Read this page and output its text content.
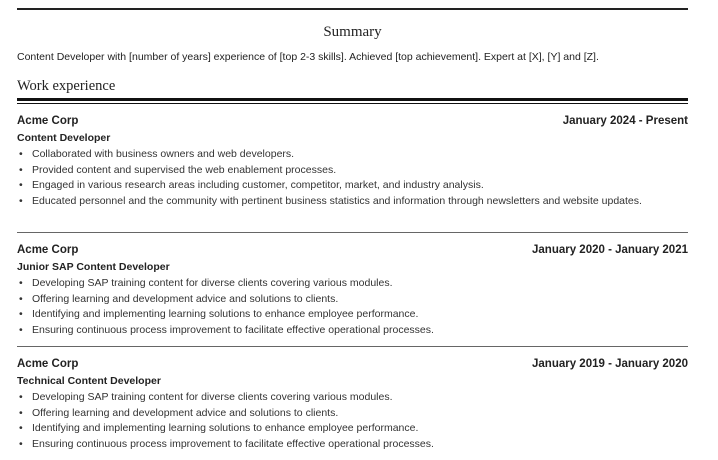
Summary
Content Developer with [number of years] experience of [top 2-3 skills]. Achieved [top achievement]. Expert at [X], [Y] and [Z].
Work experience
Acme Corp	January 2024 - Present
Content Developer
• Collaborated with business owners and web developers.
• Provided content and supervised the web enablement processes.
• Engaged in various research areas including customer, competitor, market, and industry analysis.
• Educated personnel and the community with pertinent business statistics and information through newsletters and website updates.
Acme Corp	January 2020 - January 2021
Junior SAP Content Developer
• Developing SAP training content for diverse clients covering various modules.
• Offering learning and development advice and solutions to clients.
• Identifying and implementing learning solutions to enhance employee performance.
• Ensuring continuous process improvement to facilitate effective operational processes.
Acme Corp	January 2019 - January 2020
Technical Content Developer
• Developing SAP training content for diverse clients covering various modules.
• Offering learning and development advice and solutions to clients.
• Identifying and implementing learning solutions to enhance employee performance.
• Ensuring continuous process improvement to facilitate effective operational processes.
